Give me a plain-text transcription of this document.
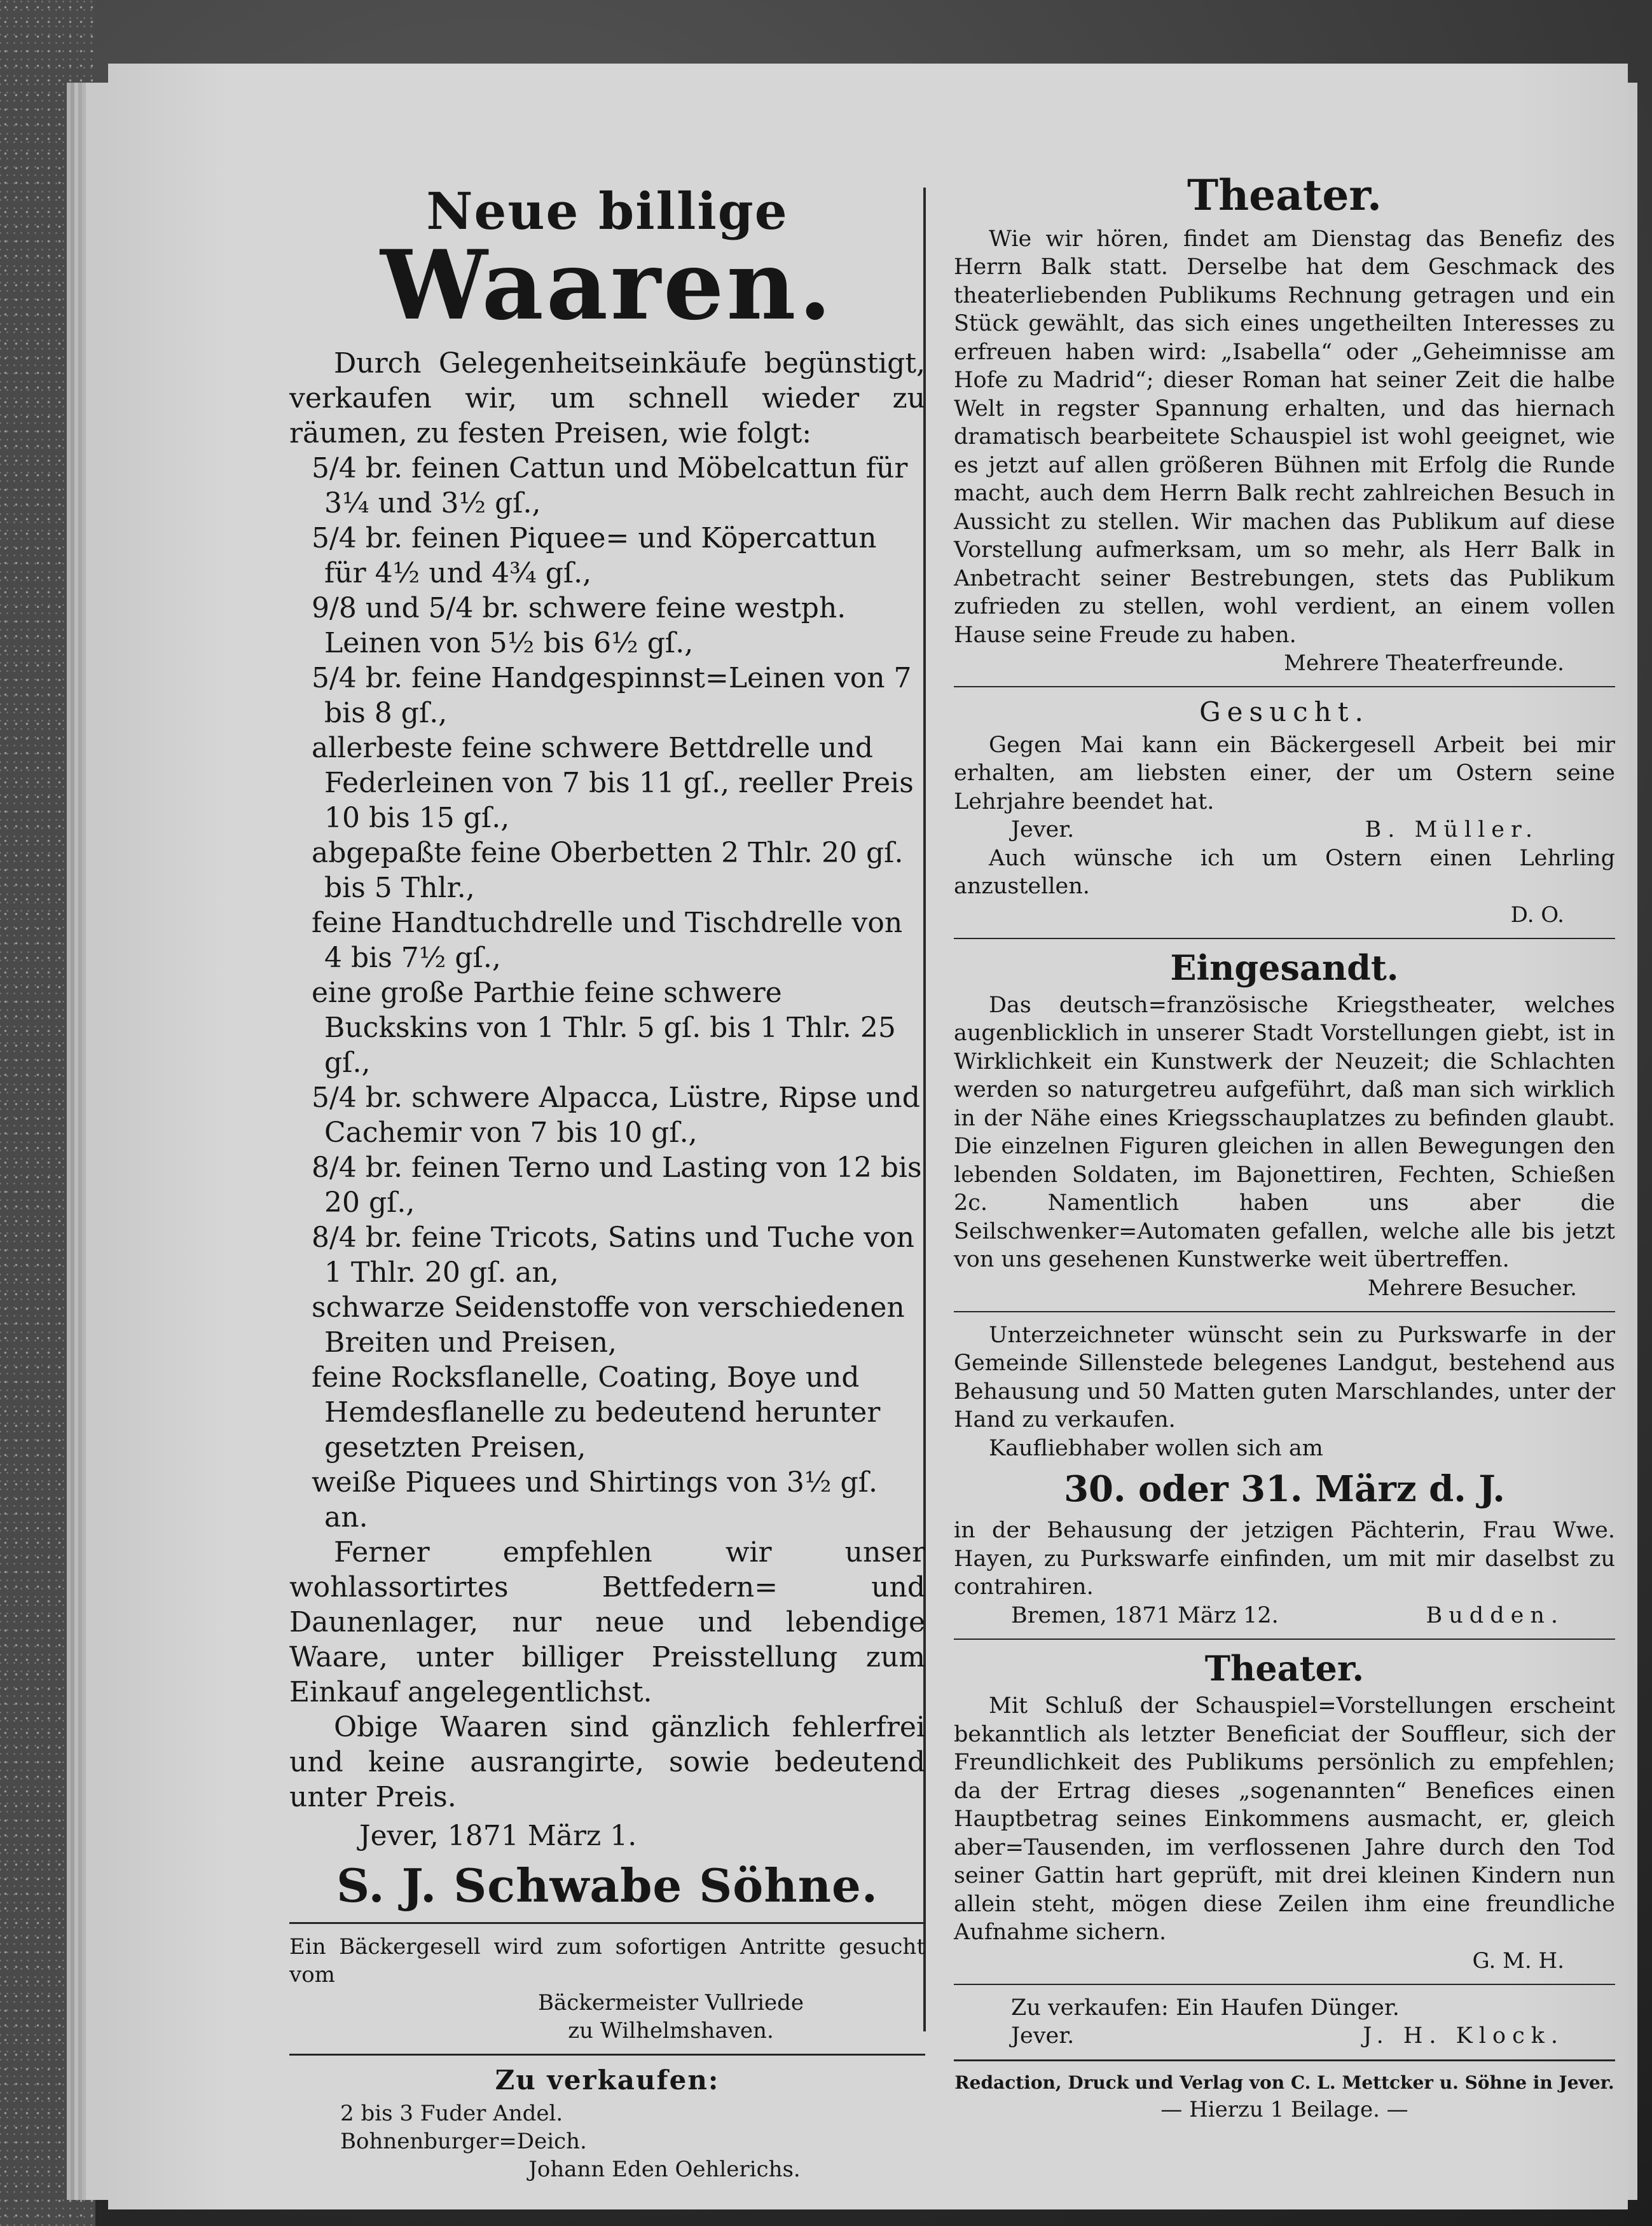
Neue billige
Waaren.

Durch Gelegenheitseinkäufe begünstigt, verkaufen wir, um schnell wieder zu räumen, zu festen Preisen, wie folgt:

5/4 br. feinen Cattun und Möbelcattun für 3¼ und 3½ gſ.,

5/4 br. feinen Piquee= und Köpercattun für 4½ und 4¾ gſ.,

9/8 und 5/4 br. schwere feine westph. Leinen von 5½ bis 6½ gſ.,

5/4 br. feine Handgespinnst=Leinen von 7 bis 8 gſ.,

allerbeste feine schwere Bettdrelle und Federleinen von 7 bis 11 gſ., reeller Preis 10 bis 15 gſ.,

abgepaßte feine Oberbetten 2 Thlr. 20 gſ. bis 5 Thlr.,

feine Handtuchdrelle und Tischdrelle von 4 bis 7½ gſ.,

eine große Parthie feine schwere Buckskins von 1 Thlr. 5 gſ. bis 1 Thlr. 25 gſ.,

5/4 br. schwere Alpacca, Lüstre, Ripse und Cachemir von 7 bis 10 gſ.,

8/4 br. feinen Terno und Lasting von 12 bis 20 gſ.,

8/4 br. feine Tricots, Satins und Tuche von 1 Thlr. 20 gſ. an,

schwarze Seidenstoffe von verschiedenen Breiten und Preisen,

feine Rocksflanelle, Coating, Boye und Hemdesflanelle zu bedeutend herunter gesetzten Preisen,

weiße Piquees und Shirtings von 3½ gſ. an.

Ferner empfehlen wir unser wohlassortirtes Bettfedern= und Daunenlager, nur neue und lebendige Waare, unter billiger Preisstellung zum Einkauf angelegentlichst.

Obige Waaren sind gänzlich fehlerfrei und keine ausrangirte, sowie bedeutend unter Preis.

Jever, 1871 März 1.

S. J. Schwabe Söhne.

Ein Bäckergesell wird zum sofortigen Antritte gesucht vom

Bäckermeister Vullriede

zu Wilhelmshaven.

Zu verkaufen:

2 bis 3 Fuder Andel.

Bohnenburger=Deich.

Johann Eden Oehlerichs.

Theater.

Wie wir hören, findet am Dienstag das Benefiz des Herrn Balk statt. Derselbe hat dem Geschmack des theaterliebenden Publikums Rechnung getragen und ein Stück gewählt, das sich eines ungetheilten Interesses zu erfreuen haben wird: „Isabella“ oder „Geheimnisse am Hofe zu Madrid“; dieser Roman hat seiner Zeit die halbe Welt in regster Spannung erhalten, und das hiernach dramatisch bearbeitete Schauspiel ist wohl geeignet, wie es jetzt auf allen größeren Bühnen mit Erfolg die Runde macht, auch dem Herrn Balk recht zahlreichen Besuch in Aussicht zu stellen. Wir machen das Publikum auf diese Vorstellung aufmerksam, um so mehr, als Herr Balk in Anbetracht seiner Bestrebungen, stets das Publikum zufrieden zu stellen, wohl verdient, an einem vollen Hause seine Freude zu haben.

Mehrere Theaterfreunde.

Gesucht.

Gegen Mai kann ein Bäckergesell Arbeit bei mir erhalten, am liebsten einer, der um Ostern seine Lehrjahre beendet hat.

Jever.	B. Müller.

Auch wünsche ich um Ostern einen Lehrling anzustellen.

D. O.

Eingesandt.

Das deutsch=französische Kriegstheater, welches augenblicklich in unserer Stadt Vorstellungen giebt, ist in Wirklichkeit ein Kunstwerk der Neuzeit; die Schlachten werden so naturgetreu aufgeführt, daß man sich wirklich in der Nähe eines Kriegsschauplatzes zu befinden glaubt. Die einzelnen Figuren gleichen in allen Bewegungen den lebenden Soldaten, im Bajonettiren, Fechten, Schießen 2c. Namentlich haben uns aber die Seilschwenker=Automaten gefallen, welche alle bis jetzt von uns gesehenen Kunstwerke weit übertreffen.

Mehrere Besucher.

Unterzeichneter wünscht sein zu Purkswarfe in der Gemeinde Sillenstede belegenes Landgut, bestehend aus Behausung und 50 Matten guten Marschlandes, unter der Hand zu verkaufen.

Kaufliebhaber wollen sich am

30. oder 31. März d. J.

in der Behausung der jetzigen Pächterin, Frau Wwe. Hayen, zu Purkswarfe einfinden, um mit mir daselbst zu contrahiren.

Bremen, 1871 März 12.	Budden.
Theater.

Mit Schluß der Schauspiel=Vorstellungen erscheint bekanntlich als letzter Beneficiat der Souffleur, sich der Freundlichkeit des Publikums persönlich zu empfehlen; da der Ertrag dieses „sogenannten“ Benefices einen Hauptbetrag seines Einkommens ausmacht, er, gleich aber=Tausenden, im verflossenen Jahre durch den Tod seiner Gattin hart geprüft, mit drei kleinen Kindern nun allein steht, mögen diese Zeilen ihm eine freundliche Aufnahme sichern.

G. M. H.

Zu verkaufen: Ein Haufen Dünger.

Jever.	J. H. Klock.
Redaction, Druck und Verlag von C. L. Mettcker u. Söhne in Jever.
— Hierzu 1 Beilage. —
